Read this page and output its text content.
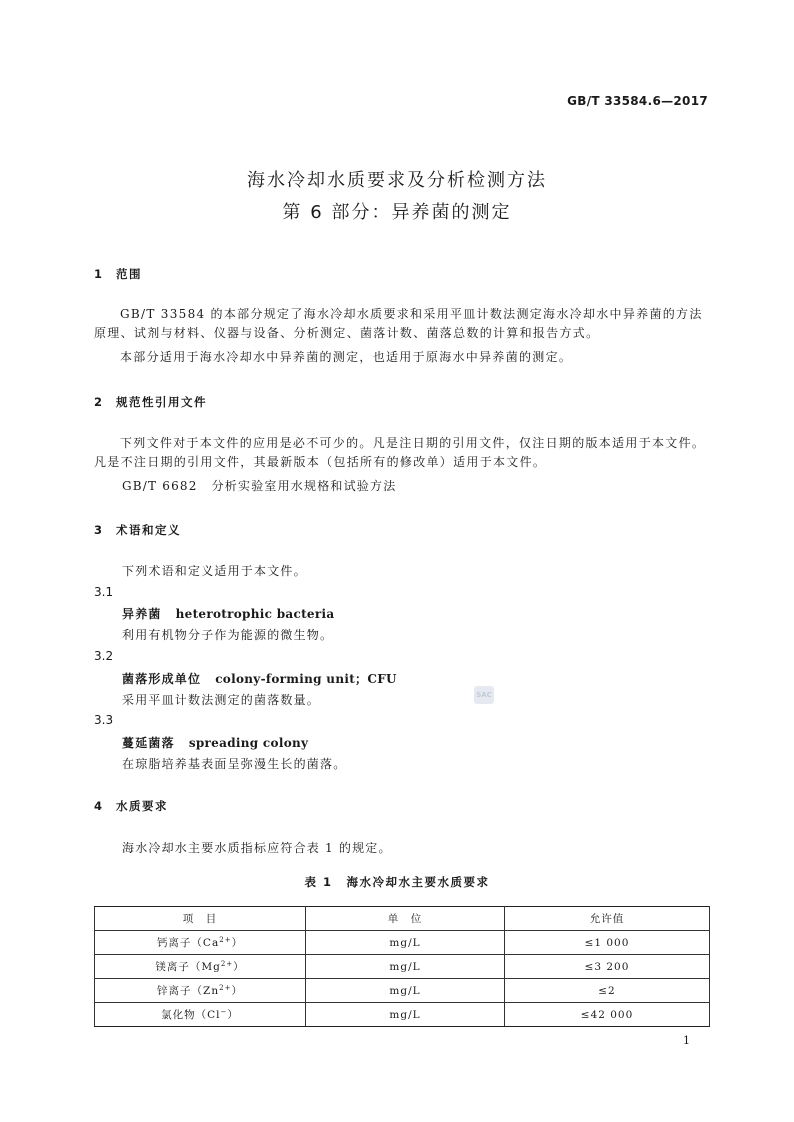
GB/T 33584.6—2017
海水冷却水质要求及分析检测方法
第 6 部分：异养菌的测定
1 范围
GB/T 33584 的本部分规定了海水冷却水质要求和采用平皿计数法测定海水冷却水中异养菌的方法原理、试剂与材料、仪器与设备、分析测定、菌落计数、菌落总数的计算和报告方式。
本部分适用于海水冷却水中异养菌的测定，也适用于原海水中异养菌的测定。
2 规范性引用文件
下列文件对于本文件的应用是必不可少的。凡是注日期的引用文件，仅注日期的版本适用于本文件。凡是不注日期的引用文件，其最新版本（包括所有的修改单）适用于本文件。
GB/T 6682 分析实验室用水规格和试验方法
3 术语和定义
下列术语和定义适用于本文件。
3.1
异养菌 heterotrophic bacteria
利用有机物分子作为能源的微生物。
3.2
菌落形成单位 colony-forming unit；CFU
采用平皿计数法测定的菌落数量。
3.3
蔓延菌落 spreading colony
在琼脂培养基表面呈弥漫生长的菌落。
SAC
4 水质要求
海水冷却水主要水质指标应符合表 1 的规定。
表 1 海水冷却水主要水质要求
项　目	单　位	允许值
钙离子$(Ca^{2+})$	mg/L	≤1 000
镁离子$(Mg^{2+})$	mg/L	≤3 200
锌离子$(Zn^{2+})$	mg/L	≤2
氯化物（Cl−）	mg/L	≤42 000
1
